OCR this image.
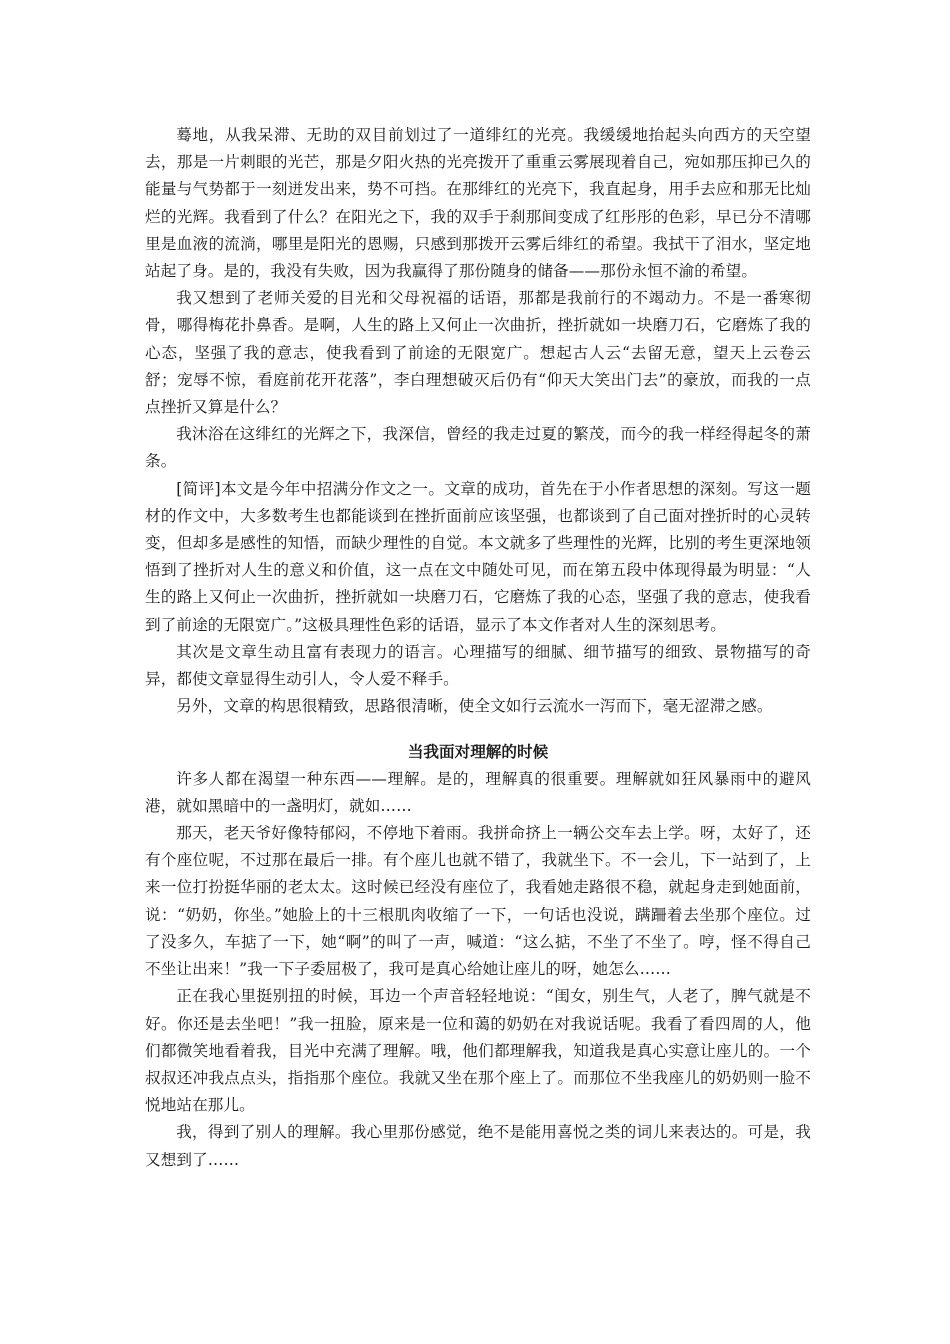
蓦地，从我呆滞、无助的双目前划过了一道绯红的光亮。我缓缓地抬起头向西方的天空望去，那是一片刺眼的光芒，那是夕阳火热的光亮拨开了重重云雾展现着自己，宛如那压抑已久的能量与气势都于一刻迸发出来，势不可挡。在那绯红的光亮下，我直起身，用手去应和那无比灿烂的光辉。我看到了什么？在阳光之下，我的双手于刹那间变成了红彤彤的色彩，早已分不清哪里是血液的流淌，哪里是阳光的恩赐，只感到那拨开云雾后绯红的希望。我拭干了泪水，坚定地站起了身。是的，我没有失败，因为我赢得了那份随身的储备——那份永恒不渝的希望。

我又想到了老师关爱的目光和父母祝福的话语，那都是我前行的不竭动力。不是一番寒彻骨，哪得梅花扑鼻香。是啊，人生的路上又何止一次曲折，挫折就如一块磨刀石，它磨炼了我的心态，坚强了我的意志，使我看到了前途的无限宽广。想起古人云“去留无意，望天上云卷云舒；宠辱不惊，看庭前花开花落”，李白理想破灭后仍有“仰天大笑出门去”的豪放，而我的一点点挫折又算是什么？

我沐浴在这绯红的光辉之下，我深信，曾经的我走过夏的繁茂，而今的我一样经得起冬的萧条。

[简评]本文是今年中招满分作文之一。文章的成功，首先在于小作者思想的深刻。写这一题材的作文中，大多数考生也都能谈到在挫折面前应该坚强，也都谈到了自己面对挫折时的心灵转变，但却多是感性的知悟，而缺少理性的自觉。本文就多了些理性的光辉，比别的考生更深地领悟到了挫折对人生的意义和价值，这一点在文中随处可见，而在第五段中体现得最为明显：“人生的路上又何止一次曲折，挫折就如一块磨刀石，它磨炼了我的心态，坚强了我的意志，使我看到了前途的无限宽广。”这极具理性色彩的话语，显示了本文作者对人生的深刻思考。

其次是文章生动且富有表现力的语言。心理描写的细腻、细节描写的细致、景物描写的奇异，都使文章显得生动引人，令人爱不释手。

另外，文章的构思很精致，思路很清晰，使全文如行云流水一泻而下，毫无涩滞之感。

当我面对理解的时候

许多人都在渴望一种东西——理解。是的，理解真的很重要。理解就如狂风暴雨中的避风港，就如黑暗中的一盏明灯，就如……

那天，老天爷好像特郁闷，不停地下着雨。我拼命挤上一辆公交车去上学。呀，太好了，还有个座位呢，不过那在最后一排。有个座儿也就不错了，我就坐下。不一会儿，下一站到了，上来一位打扮挺华丽的老太太。这时候已经没有座位了，我看她走路很不稳，就起身走到她面前，说：“奶奶，你坐。”她脸上的十三根肌肉收缩了一下，一句话也没说，蹒跚着去坐那个座位。过了没多久，车掂了一下，她“啊”的叫了一声，喊道：“这么掂，不坐了不坐了。哼，怪不得自己不坐让出来！”我一下子委屈极了，我可是真心给她让座儿的呀，她怎么……

正在我心里挺别扭的时候，耳边一个声音轻轻地说：“闺女，别生气，人老了，脾气就是不好。你还是去坐吧！”我一扭脸，原来是一位和蔼的奶奶在对我说话呢。我看了看四周的人，他们都微笑地看着我，目光中充满了理解。哦，他们都理解我，知道我是真心实意让座儿的。一个叔叔还冲我点点头，指指那个座位。我就又坐在那个座上了。而那位不坐我座儿的奶奶则一脸不悦地站在那儿。

我，得到了别人的理解。我心里那份感觉，绝不是能用喜悦之类的词儿来表达的。可是，我又想到了……
